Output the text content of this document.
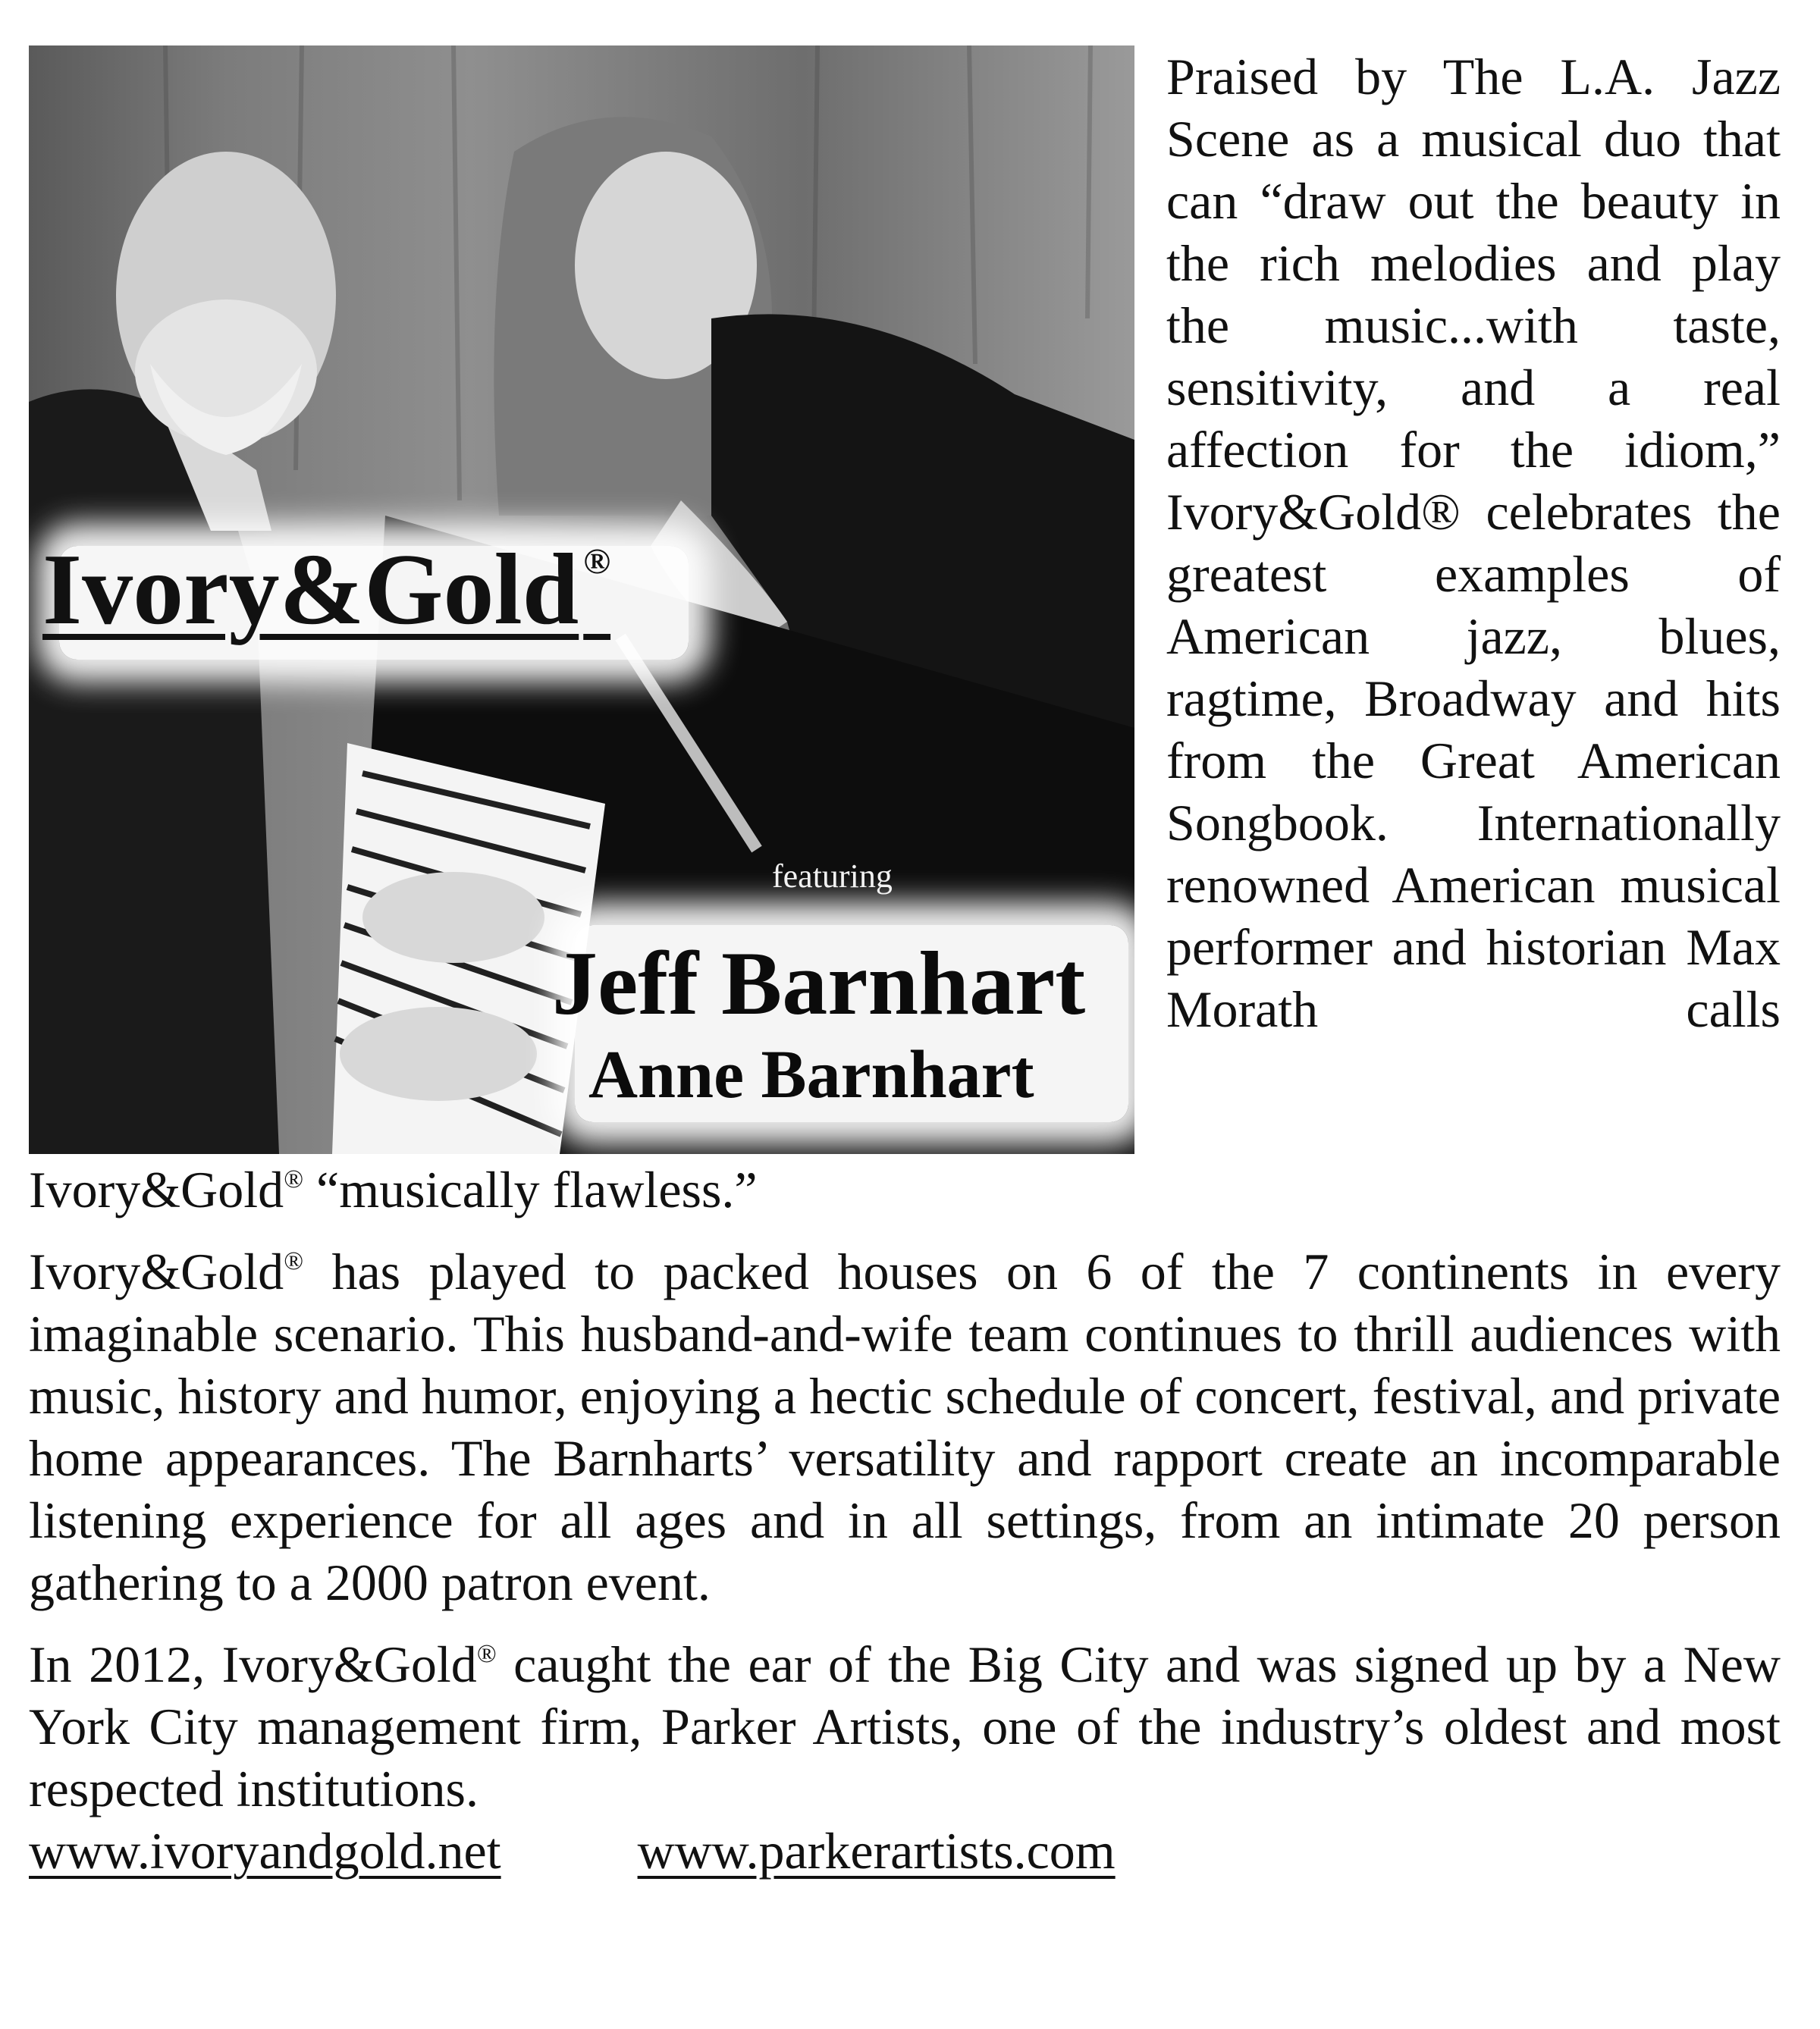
Ivory&Gold ®
featuring
Jeff Barnhart
Anne Barnhart

Praised by The L.A. Jazz Scene as a musical duo that can “draw out the beauty in the rich melodies and play the music...with taste, sensitivity, and a real affection for the idiom,” Ivory&Gold® celebrates the greatest examples of American jazz, blues, ragtime, Broadway and hits from the Great American Songbook. Internationally renowned American musical performer and historian Max Morath calls

Ivory&Gold® “musically flawless.”

Ivory&Gold® has played to packed houses on 6 of the 7 continents in every imaginable scenario. This husband-and-wife team continues to thrill audiences with music, history and humor, enjoying a hectic schedule of concert, festival, and private home appearances. The Barnharts’ versatility and rapport create an incomparable listening experience for all ages and in all settings, from an intimate 20 person gathering to a 2000 patron event.

In 2012, Ivory&Gold® caught the ear of the Big City and was signed up by a New York City management firm, Parker Artists, one of the industry’s oldest and most respected institutions.

www.ivoryandgold.net	www.parkerartists.com
